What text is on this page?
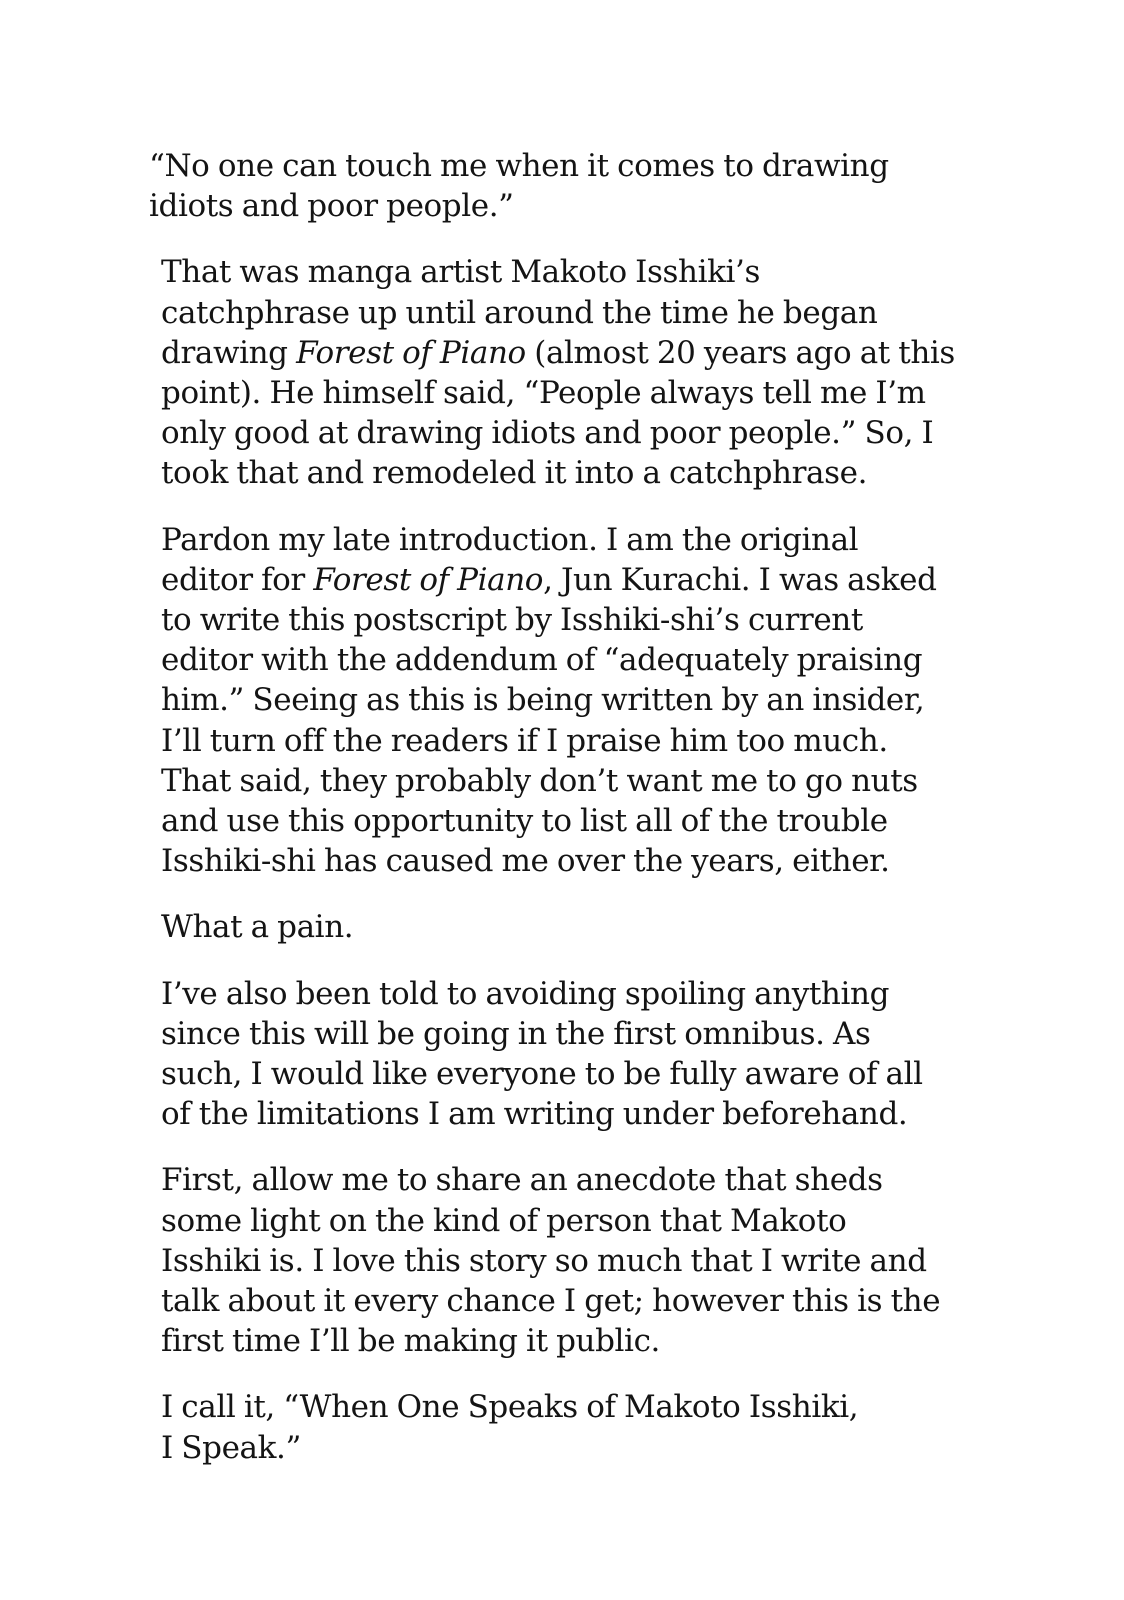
“No one can touch me when it comes to drawing
idiots and poor people.”

That was manga artist Makoto Isshiki’s
catchphrase up until around the time he began
drawing Forest of Piano (almost 20 years ago at this
point). He himself said, “People always tell me I’m
only good at drawing idiots and poor people.” So, I
took that and remodeled it into a catchphrase.

Pardon my late introduction. I am the original
editor for Forest of Piano, Jun Kurachi. I was asked
to write this postscript by Isshiki-shi’s current
editor with the addendum of “adequately praising
him.” Seeing as this is being written by an insider,
I’ll turn off the readers if I praise him too much.
That said, they probably don’t want me to go nuts
and use this opportunity to list all of the trouble
Isshiki-shi has caused me over the years, either.

What a pain.

I’ve also been told to avoiding spoiling anything
since this will be going in the first omnibus. As
such, I would like everyone to be fully aware of all
of the limitations I am writing under beforehand.

First, allow me to share an anecdote that sheds
some light on the kind of person that Makoto
Isshiki is. I love this story so much that I write and
talk about it every chance I get; however this is the
first time I’ll be making it public.

I call it, “When One Speaks of Makoto Isshiki,
I Speak.”
